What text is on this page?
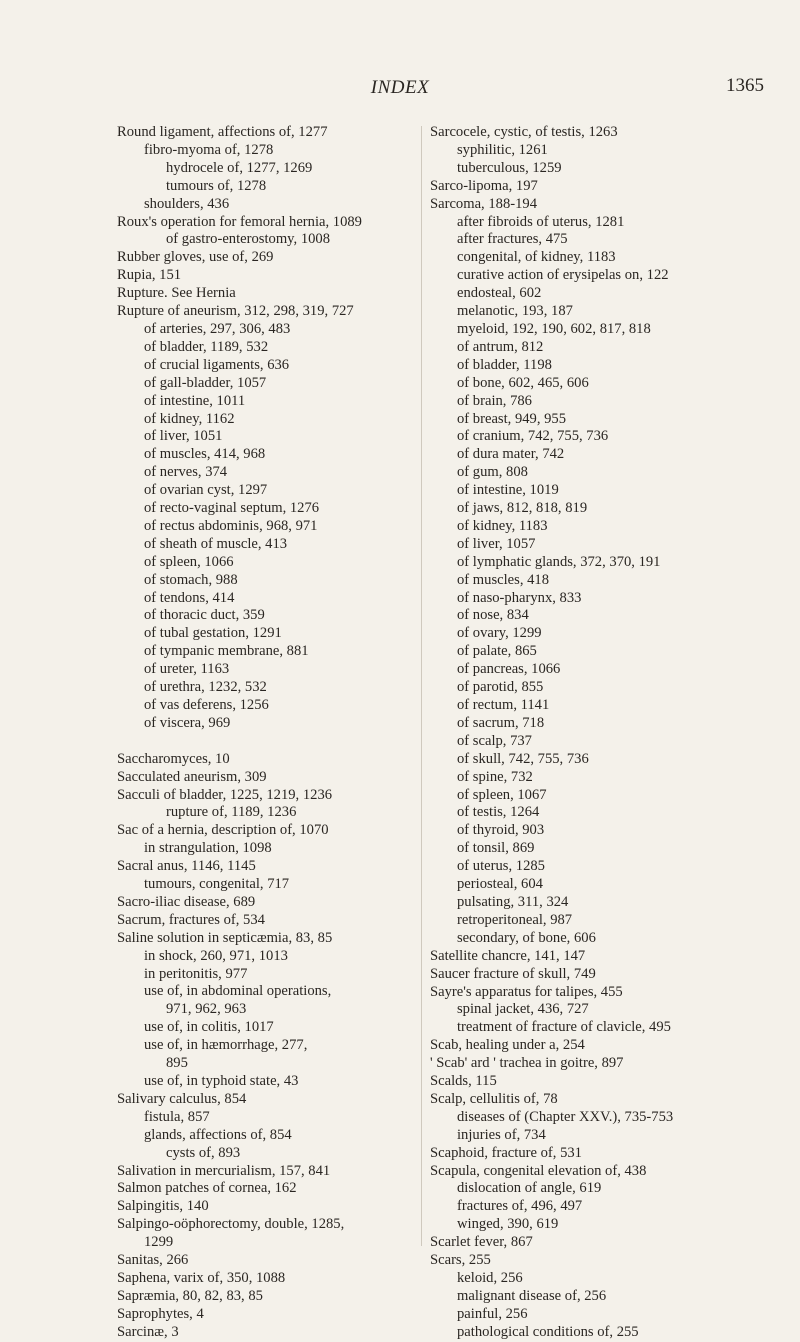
INDEX	1365
Round ligament, affections of, 1277
fibro-myoma of, 1278
hydrocele of, 1277, 1269
tumours of, 1278
shoulders, 436
Roux's operation for femoral hernia, 1089
of gastro-enterostomy, 1008
Rubber gloves, use of, 269
Rupia, 151
Rupture. See Hernia
Rupture of aneurism, 312, 298, 319, 727
of arteries, 297, 306, 483
of bladder, 1189, 532
of crucial ligaments, 636
of gall-bladder, 1057
of intestine, 1011
of kidney, 1162
of liver, 1051
of muscles, 414, 968
of nerves, 374
of ovarian cyst, 1297
of recto-vaginal septum, 1276
of rectus abdominis, 968, 971
of sheath of muscle, 413
of spleen, 1066
of stomach, 988
of tendons, 414
of thoracic duct, 359
of tubal gestation, 1291
of tympanic membrane, 881
of ureter, 1163
of urethra, 1232, 532
of vas deferens, 1256
of viscera, 969
Saccharomyces, 10
Sacculated aneurism, 309
Sacculi of bladder, 1225, 1219, 1236
rupture of, 1189, 1236
Sac of a hernia, description of, 1070
in strangulation, 1098
Sacral anus, 1146, 1145
tumours, congenital, 717
Sacro-iliac disease, 689
Sacrum, fractures of, 534
Saline solution in septicæmia, 83, 85
in shock, 260, 971, 1013
in peritonitis, 977
use of, in abdominal operations,
971, 962, 963
use of, in colitis, 1017
use of, in hæmorrhage, 277,
895
use of, in typhoid state, 43
Salivary calculus, 854
fistula, 857
glands, affections of, 854
cysts of, 893
Salivation in mercurialism, 157, 841
Salmon patches of cornea, 162
Salpingitis, 140
Salpingo-oöphorectomy, double, 1285,
1299
Sanitas, 266
Saphena, varix of, 350, 1088
Sapræmia, 80, 82, 83, 85
Saprophytes, 4
Sarcinæ, 3
Sarcocele, cystic, of testis, 1263
syphilitic, 1261
tuberculous, 1259
Sarco-lipoma, 197
Sarcoma, 188-194
after fibroids of uterus, 1281
after fractures, 475
congenital, of kidney, 1183
curative action of erysipelas on, 122
endosteal, 602
melanotic, 193, 187
myeloid, 192, 190, 602, 817, 818
of antrum, 812
of bladder, 1198
of bone, 602, 465, 606
of brain, 786
of breast, 949, 955
of cranium, 742, 755, 736
of dura mater, 742
of gum, 808
of intestine, 1019
of jaws, 812, 818, 819
of kidney, 1183
of liver, 1057
of lymphatic glands, 372, 370, 191
of muscles, 418
of naso-pharynx, 833
of nose, 834
of ovary, 1299
of palate, 865
of pancreas, 1066
of parotid, 855
of rectum, 1141
of sacrum, 718
of scalp, 737
of skull, 742, 755, 736
of spine, 732
of spleen, 1067
of testis, 1264
of thyroid, 903
of tonsil, 869
of uterus, 1285
periosteal, 604
pulsating, 311, 324
retroperitoneal, 987
secondary, of bone, 606
Satellite chancre, 141, 147
Saucer fracture of skull, 749
Sayre's apparatus for talipes, 455
spinal jacket, 436, 727
treatment of fracture of clavicle, 495
Scab, healing under a, 254
' Scab' ard ' trachea in goitre, 897
Scalds, 115
Scalp, cellulitis of, 78
diseases of (Chapter XXV.), 735-753
injuries of, 734
Scaphoid, fracture of, 531
Scapula, congenital elevation of, 438
dislocation of angle, 619
fractures of, 496, 497
winged, 390, 619
Scarlet fever, 867
Scars, 255
keloid, 256
malignant disease of, 256
painful, 256
pathological conditions of, 255
